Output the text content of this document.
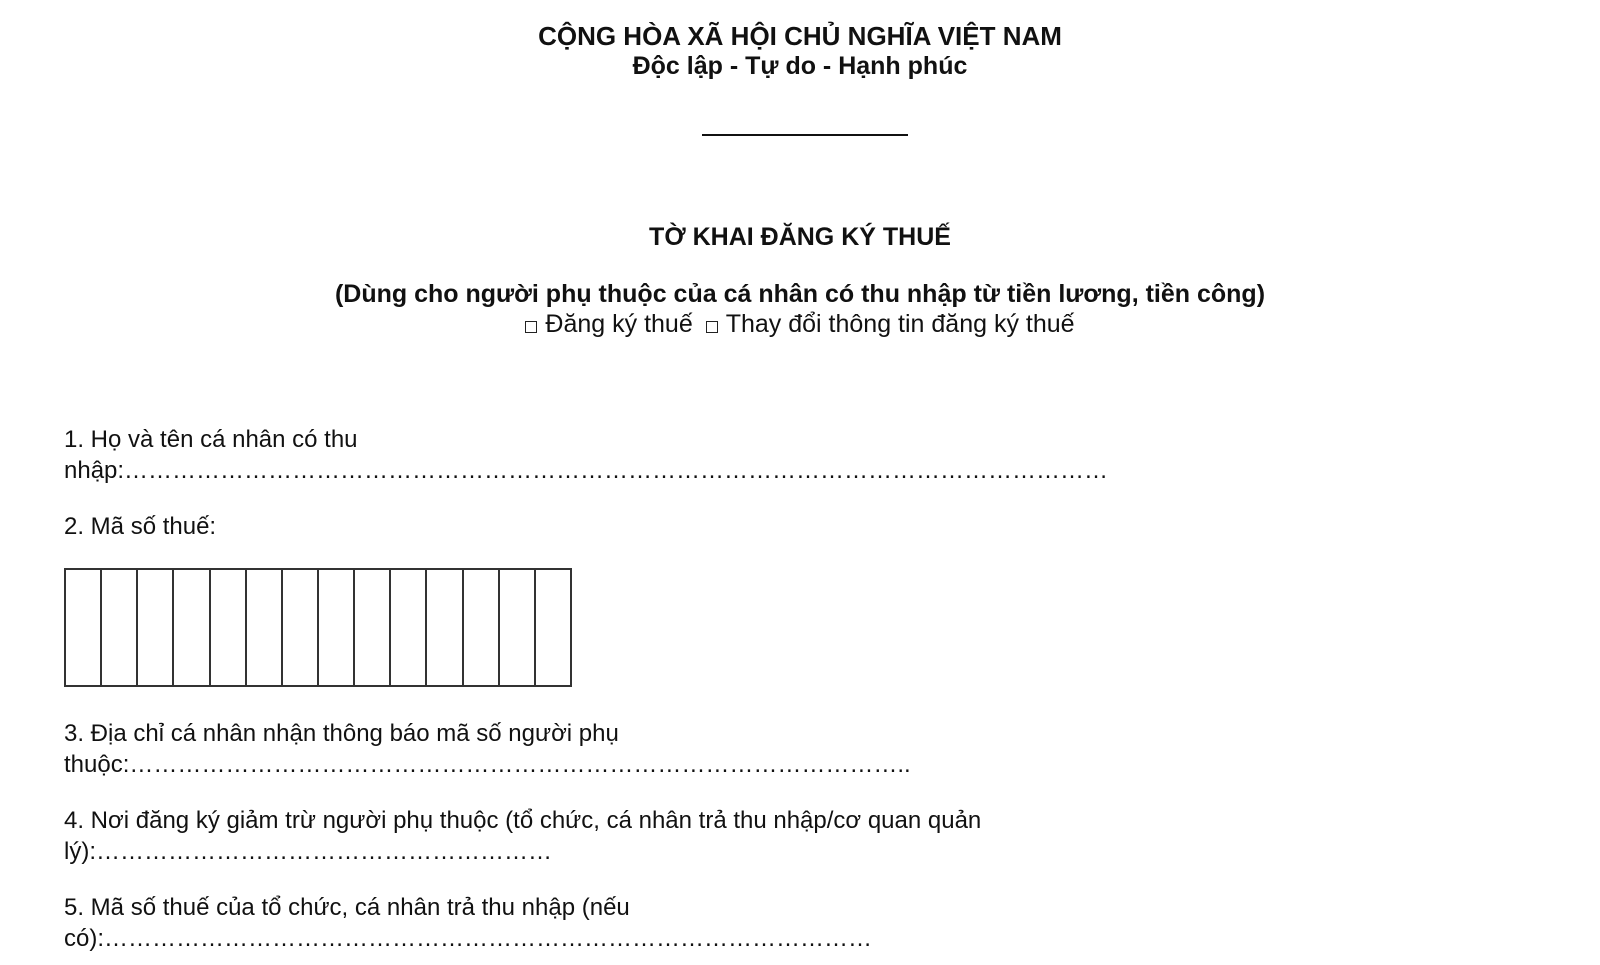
CỘNG HÒA XÃ HỘI CHỦ NGHĨA VIỆT NAM
Độc lập - Tự do - Hạnh phúc
TỜ KHAI ĐĂNG KÝ THUẾ
(Dùng cho người phụ thuộc của cá nhân có thu nhập từ tiền lương, tiền công)
Đăng ký thuế Thay đổi thông tin đăng ký thuế
1. Họ và tên cá nhân có thu
nhập:……………………………………………………………………………………………………………
2. Mã số thuế:
3. Địa chỉ cá nhân nhận thông báo mã số người phụ
thuộc:……………………………………………………………………………………..
4. Nơi đăng ký giảm trừ người phụ thuộc (tổ chức, cá nhân trả thu nhập/cơ quan quản
lý):…………………………………………………
5. Mã số thuế của tổ chức, cá nhân trả thu nhập (nếu
có):……………………………………………………………………………………
